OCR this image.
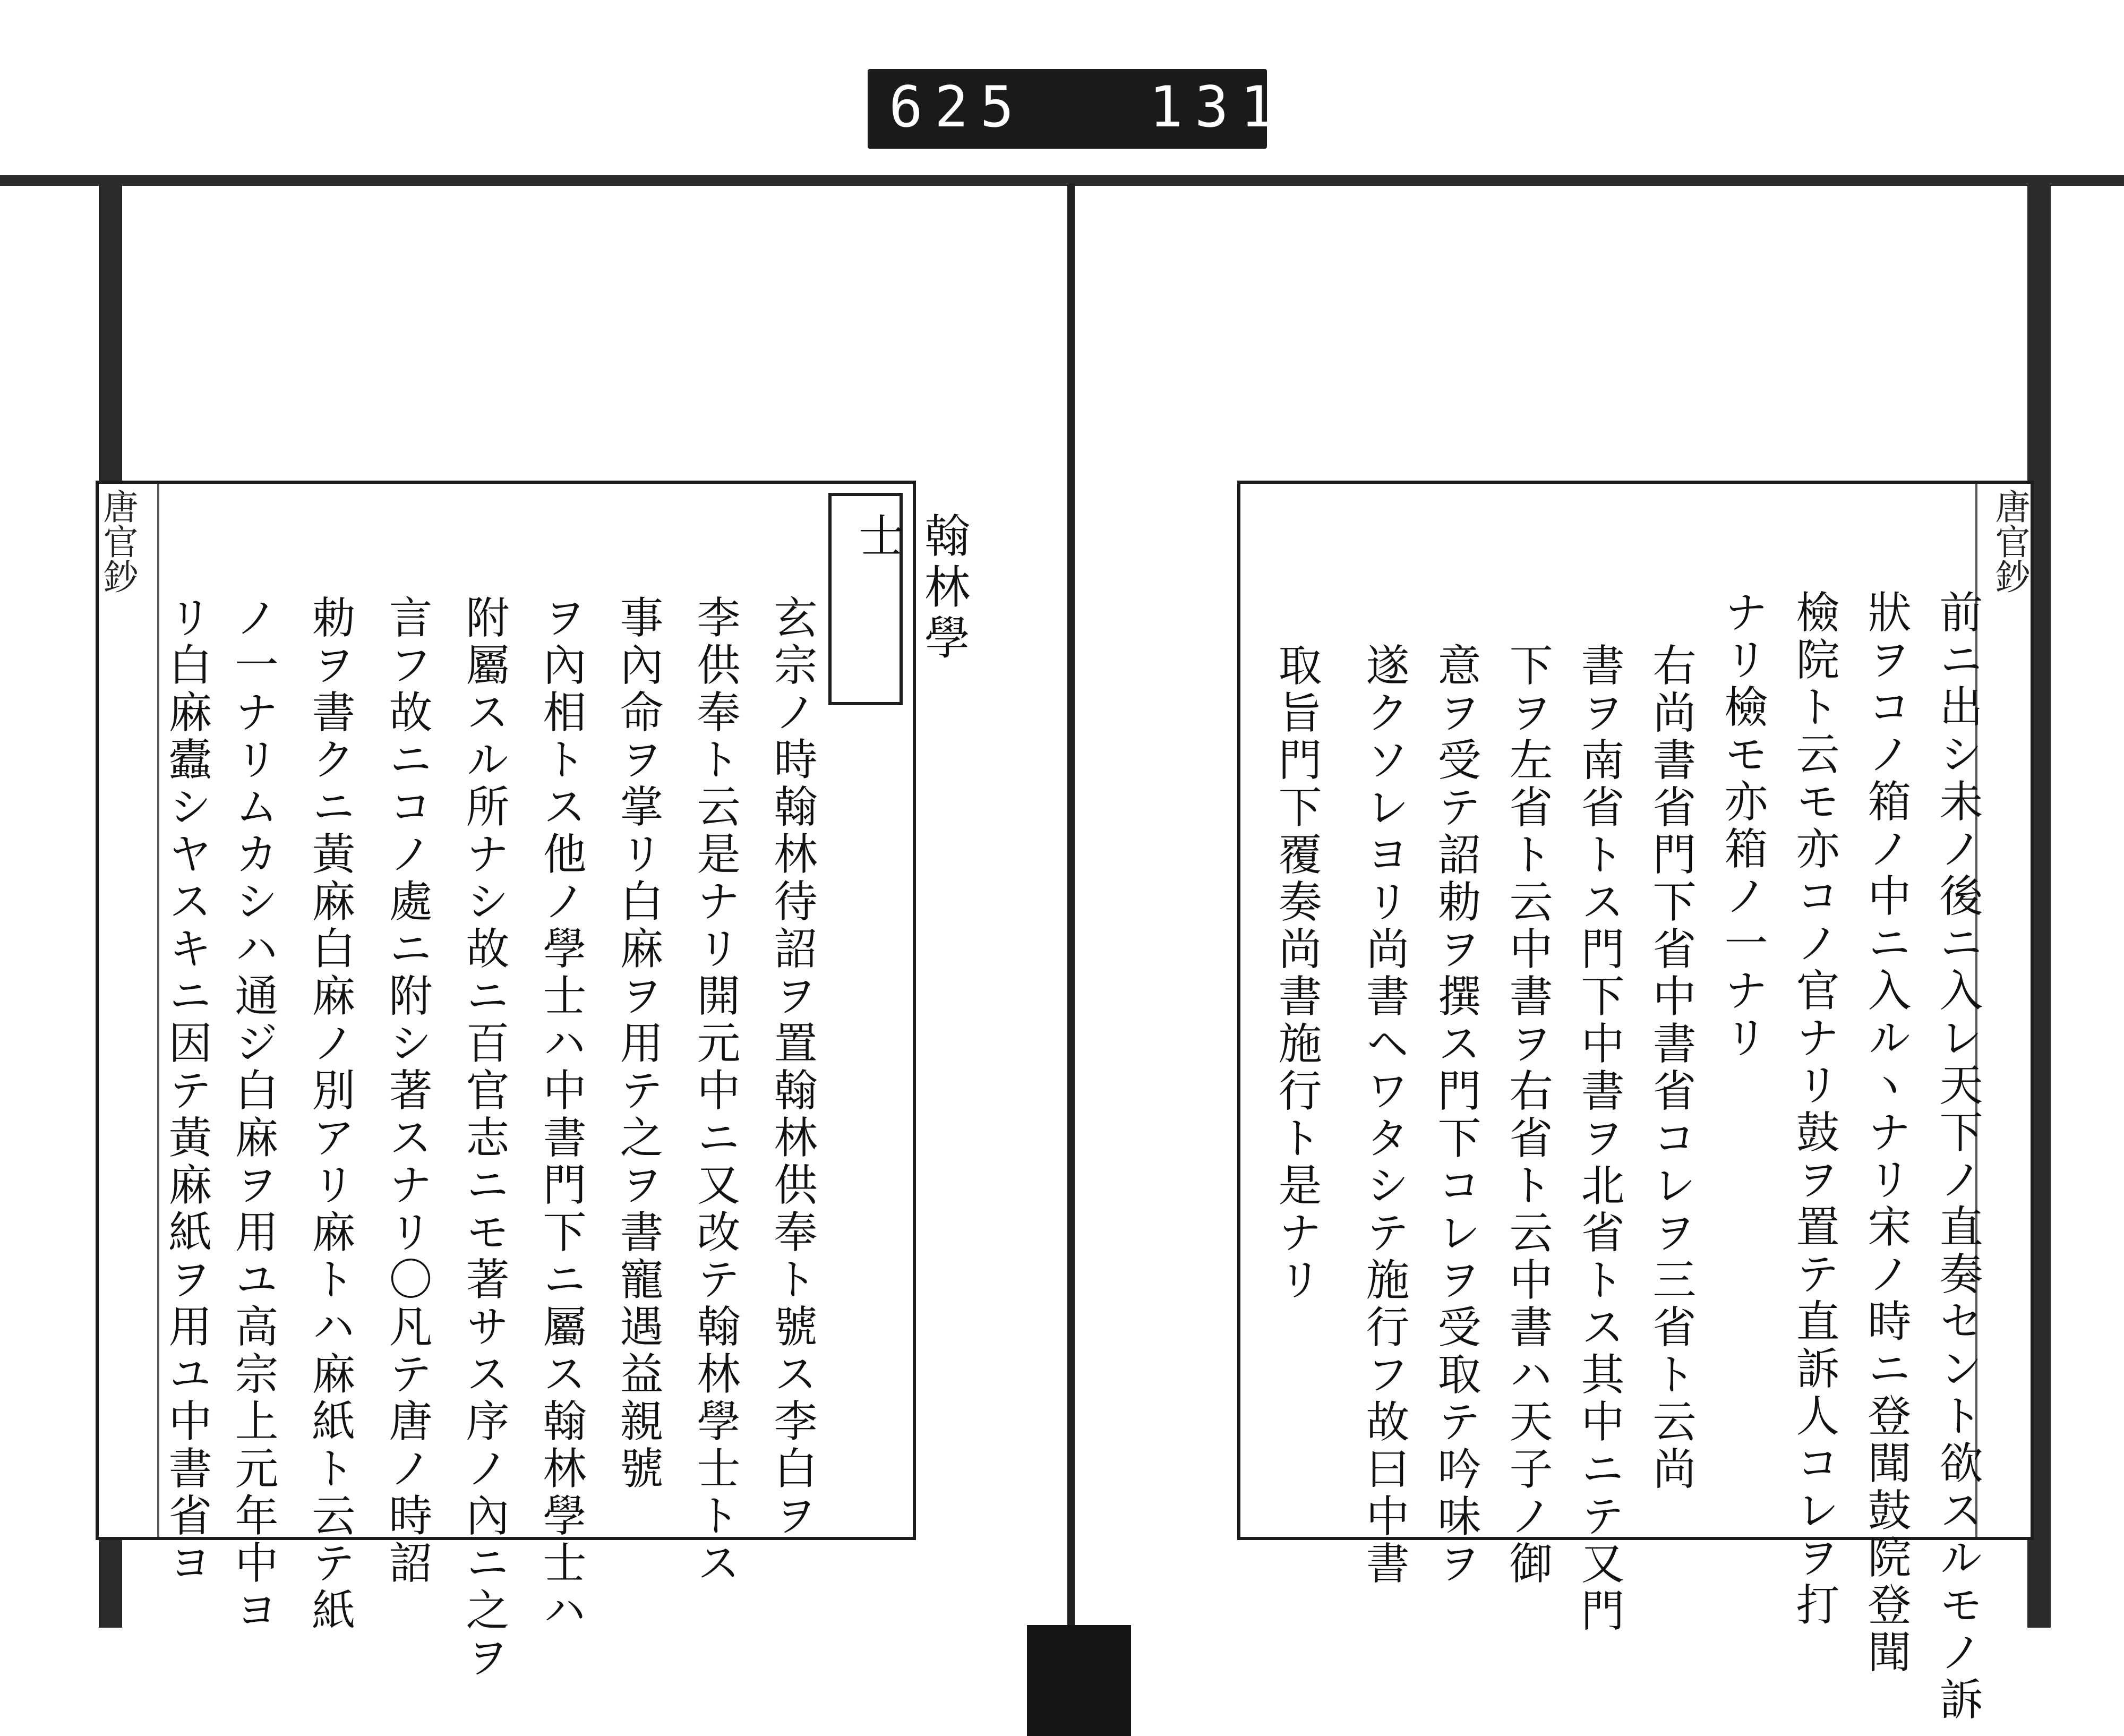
625 131
唐官鈔	唐官鈔
翰林學士
玄宗ノ時翰林待詔ヲ置翰林供奉ト號ス李白ヲ
李供奉ト云是ナリ開元中ニ又改テ翰林學士トス
事內命ヲ掌リ白麻ヲ用テ之ヲ書寵遇益親號
ヲ內相トス他ノ學士ハ中書門下ニ屬ス翰林學士ハ
附屬スル所ナシ故ニ百官志ニモ著サス序ノ內ニ之ヲ
言フ故ニコノ處ニ附シ著スナリ〇凡テ唐ノ時詔
勅ヲ書クニ黃麻白麻ノ別アリ麻トハ麻紙ト云テ紙
ノ一ナリムカシハ通ジ白麻ヲ用ユ高宗上元年中ヨ
リ白麻蠹シヤスキニ因テ黃麻紙ヲ用ユ中書省ヨ	前ニ出シ未ノ後ニ入レ天下ノ直奏セント欲スルモノ訴
狀ヲコノ箱ノ中ニ入ルヽナリ宋ノ時ニ登聞鼓院登聞
檢院ト云モ亦コノ官ナリ鼓ヲ置テ直訴人コレヲ打
ナリ檢モ亦箱ノ一ナリ
右尚書省門下省中書省コレヲ三省ト云尚
書ヲ南省トス門下中書ヲ北省トス其中ニテ又門
下ヲ左省ト云中書ヲ右省ト云中書ハ天子ノ御
意ヲ受テ詔勅ヲ撰ス門下コレヲ受取テ吟味ヲ
遂クソレヨリ尚書ヘワタシテ施行フ故曰中書
取旨門下覆奏尚書施行ト是ナリ
